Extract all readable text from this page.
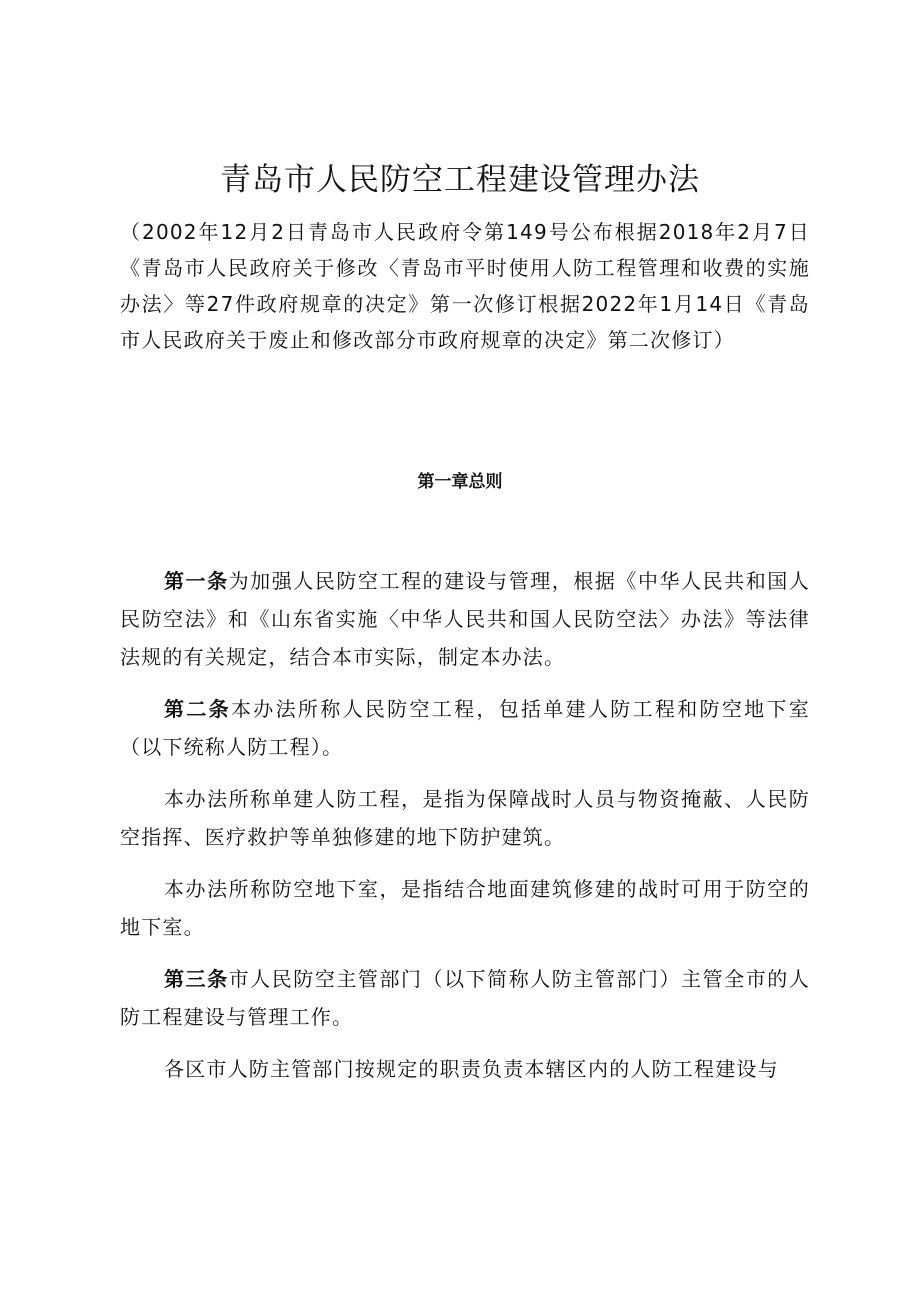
青岛市人民防空工程建设管理办法
（2002年12月2日青岛市人民政府令第149号公布根据2018年2月7日《青岛市人民政府关于修改〈青岛市平时使用人防工程管理和收费的实施办法〉等27件政府规章的决定》第一次修订根据2022年1月14日《青岛市人民政府关于废止和修改部分市政府规章的决定》第二次修订）
第一章总则

第一条为加强人民防空工程的建设与管理，根据《中华人民共和国人民防空法》和《山东省实施〈中华人民共和国人民防空法〉办法》等法律法规的有关规定，结合本市实际，制定本办法。

第二条本办法所称人民防空工程，包括单建人防工程和防空地下室（以下统称人防工程）。

本办法所称单建人防工程，是指为保障战时人员与物资掩蔽、人民防空指挥、医疗救护等单独修建的地下防护建筑。

本办法所称防空地下室，是指结合地面建筑修建的战时可用于防空的地下室。

第三条市人民防空主管部门（以下简称人防主管部门）主管全市的人防工程建设与管理工作。

各区市人防主管部门按规定的职责负责本辖区内的人防工程建设与
